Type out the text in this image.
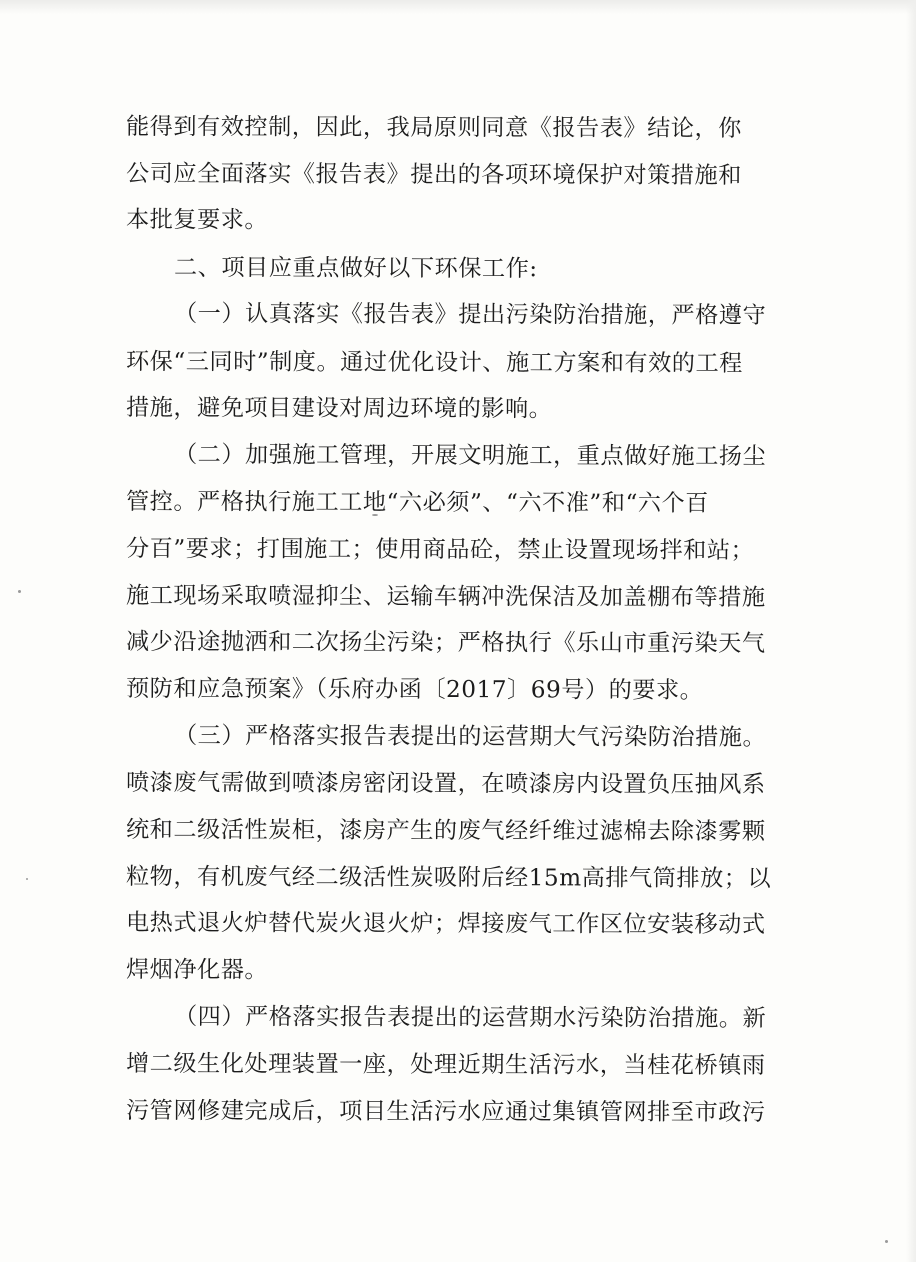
能得到有效控制，因此，我局原则同意《报告表》结论，你
公司应全面落实《报告表》提出的各项环境保护对策措施和
本批复要求。
二、项目应重点做好以下环保工作:
（一）认真落实《报告表》提出污染防治措施，严格遵守
环保“三同时”制度。通过优化设计、施工方案和有效的工程
措施，避免项目建设对周边环境的影响。
（二）加强施工管理，开展文明施工，重点做好施工扬尘
管控。严格执行施工工地“六必须”、“六不准”和“六个百
分百”要求；打围施工；使用商品砼，禁止设置现场拌和站；
施工现场采取喷湿抑尘、运输车辆冲洗保洁及加盖棚布等措施
减少沿途抛洒和二次扬尘污染；严格执行《乐山市重污染天气
预防和应急预案》（乐府办函〔2017〕69号）的要求。
（三）严格落实报告表提出的运营期大气污染防治措施。
喷漆废气需做到喷漆房密闭设置，在喷漆房内设置负压抽风系
统和二级活性炭柜，漆房产生的废气经纤维过滤棉去除漆雾颗
粒物，有机废气经二级活性炭吸附后经15m高排气筒排放；以
电热式退火炉替代炭火退火炉；焊接废气工作区位安装移动式
焊烟净化器。
（四）严格落实报告表提出的运营期水污染防治措施。新
增二级生化处理装置一座，处理近期生活污水，当桂花桥镇雨
污管网修建完成后，项目生活污水应通过集镇管网排至市政污
